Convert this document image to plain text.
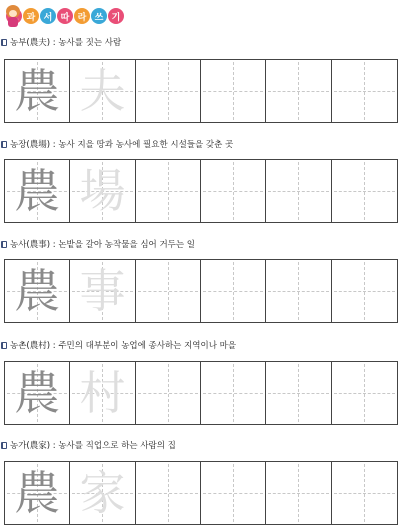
과 서 따 라 쓰 기
농부(農夫) : 농사를 짓는 사람
農 夫
농장(農場) : 농사 지을 땅과 농사에 필요한 시설들을 갖춘 곳
農 場
농사(農事) : 논밭을 갈아 농작물을 심어 거두는 일
農 事
농촌(農村) : 주민의 대부분이 농업에 종사하는 지역이나 마을
農 村
농가(農家) : 농사를 직업으로 하는 사람의 집
農 家
